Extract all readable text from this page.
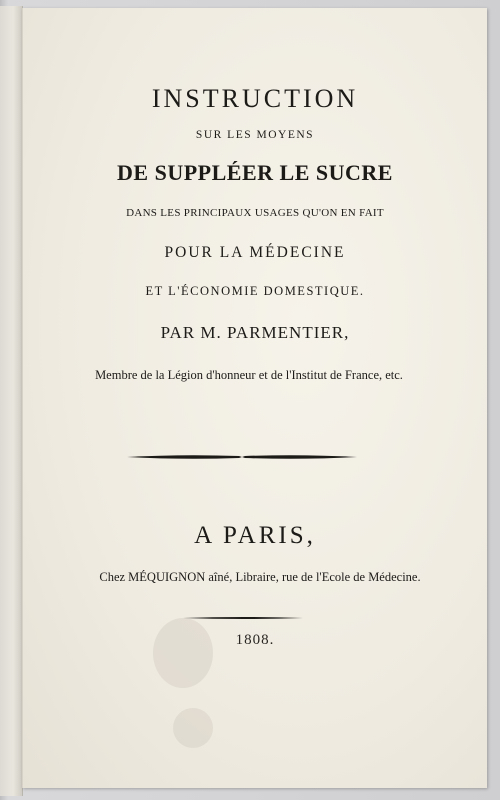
INSTRUCTION
SUR LES MOYENS
DE SUPPLÉER LE SUCRE
DANS LES PRINCIPAUX USAGES QU'ON EN FAIT
POUR LA MÉDECINE
ET L'ÉCONOMIE DOMESTIQUE.
PAR M. PARMENTIER,
Membre de la Légion d'honneur et de l'Institut de France, etc.
A PARIS,
Chez MÉQUIGNON aîné, Libraire, rue de l'Ecole de Médecine.
1808.
